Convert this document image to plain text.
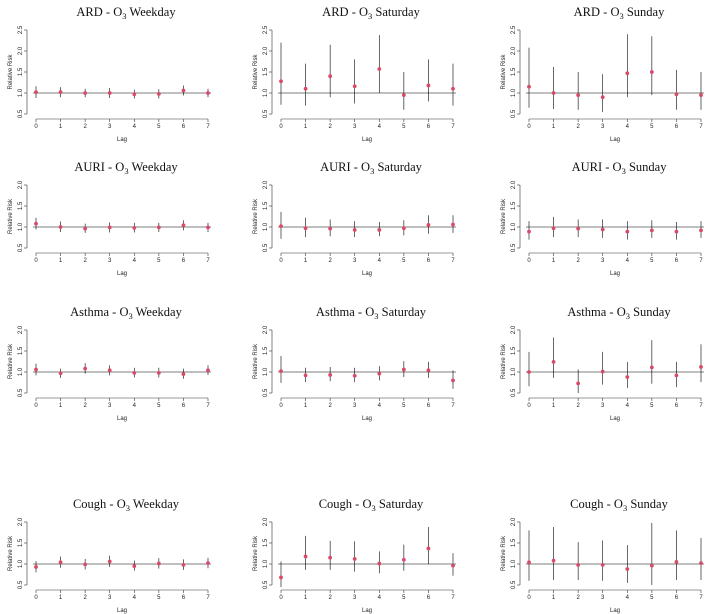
ARD - $O_3$ Weekday
0.5
1.0
1.5
2.0
2.5
Relative Risk
0	1	2	3	4	5	6	7
Lag
ARD - $O_3$ Saturday
0.5
1.0
1.5
2.0
2.5
Relative Risk
0	1	2	3	4	5	6	7
Lag
ARD - $O_3$ Sunday
0.5
1.0
1.5
2.0
2.5
Relative Risk
0	1	2	3	4	5	6	7
Lag
AURI - $O_3$ Weekday
0.5
1.0
1.5
2.0
Relative Risk
0	1	2	3	4	5	6	7
Lag
AURI - $O_3$ Saturday
0.5
1.0
1.5
2.0
Relative Risk
0	1	2	3	4	5	6	7
Lag
AURI - $O_3$ Sunday
0.5
1.0
1.5
2.0
Relative Risk
0	1	2	3	4	5	6	7
Lag
Asthma - $O_3$ Weekday
0.5
1.0
1.5
2.0
Relative Risk
0	1	2	3	4	5	6	7
Lag
Asthma - $O_3$ Saturday
0.5
1.0
1.5
2.0
Relative Risk
0	1	2	3	4	5	6	7
Lag
Asthma - $O_3$ Sunday
0.5
1.0
1.5
2.0
Relative Risk
0	1	2	3	4	5	6	7
Lag
Cough - $O_3$ Weekday
0.5
1.0
1.5
2.0
Relative Risk
0	1	2	3	4	5	6	7
Lag
Cough - $O_3$ Saturday
0.5
1.0
1.5
2.0
Relative Risk
0	1	2	3	4	5	6	7
Lag
Cough - $O_3$ Sunday
0.5
1.0
1.5
2.0
Relative Risk
0	1	2	3	4	5	6	7
Lag
